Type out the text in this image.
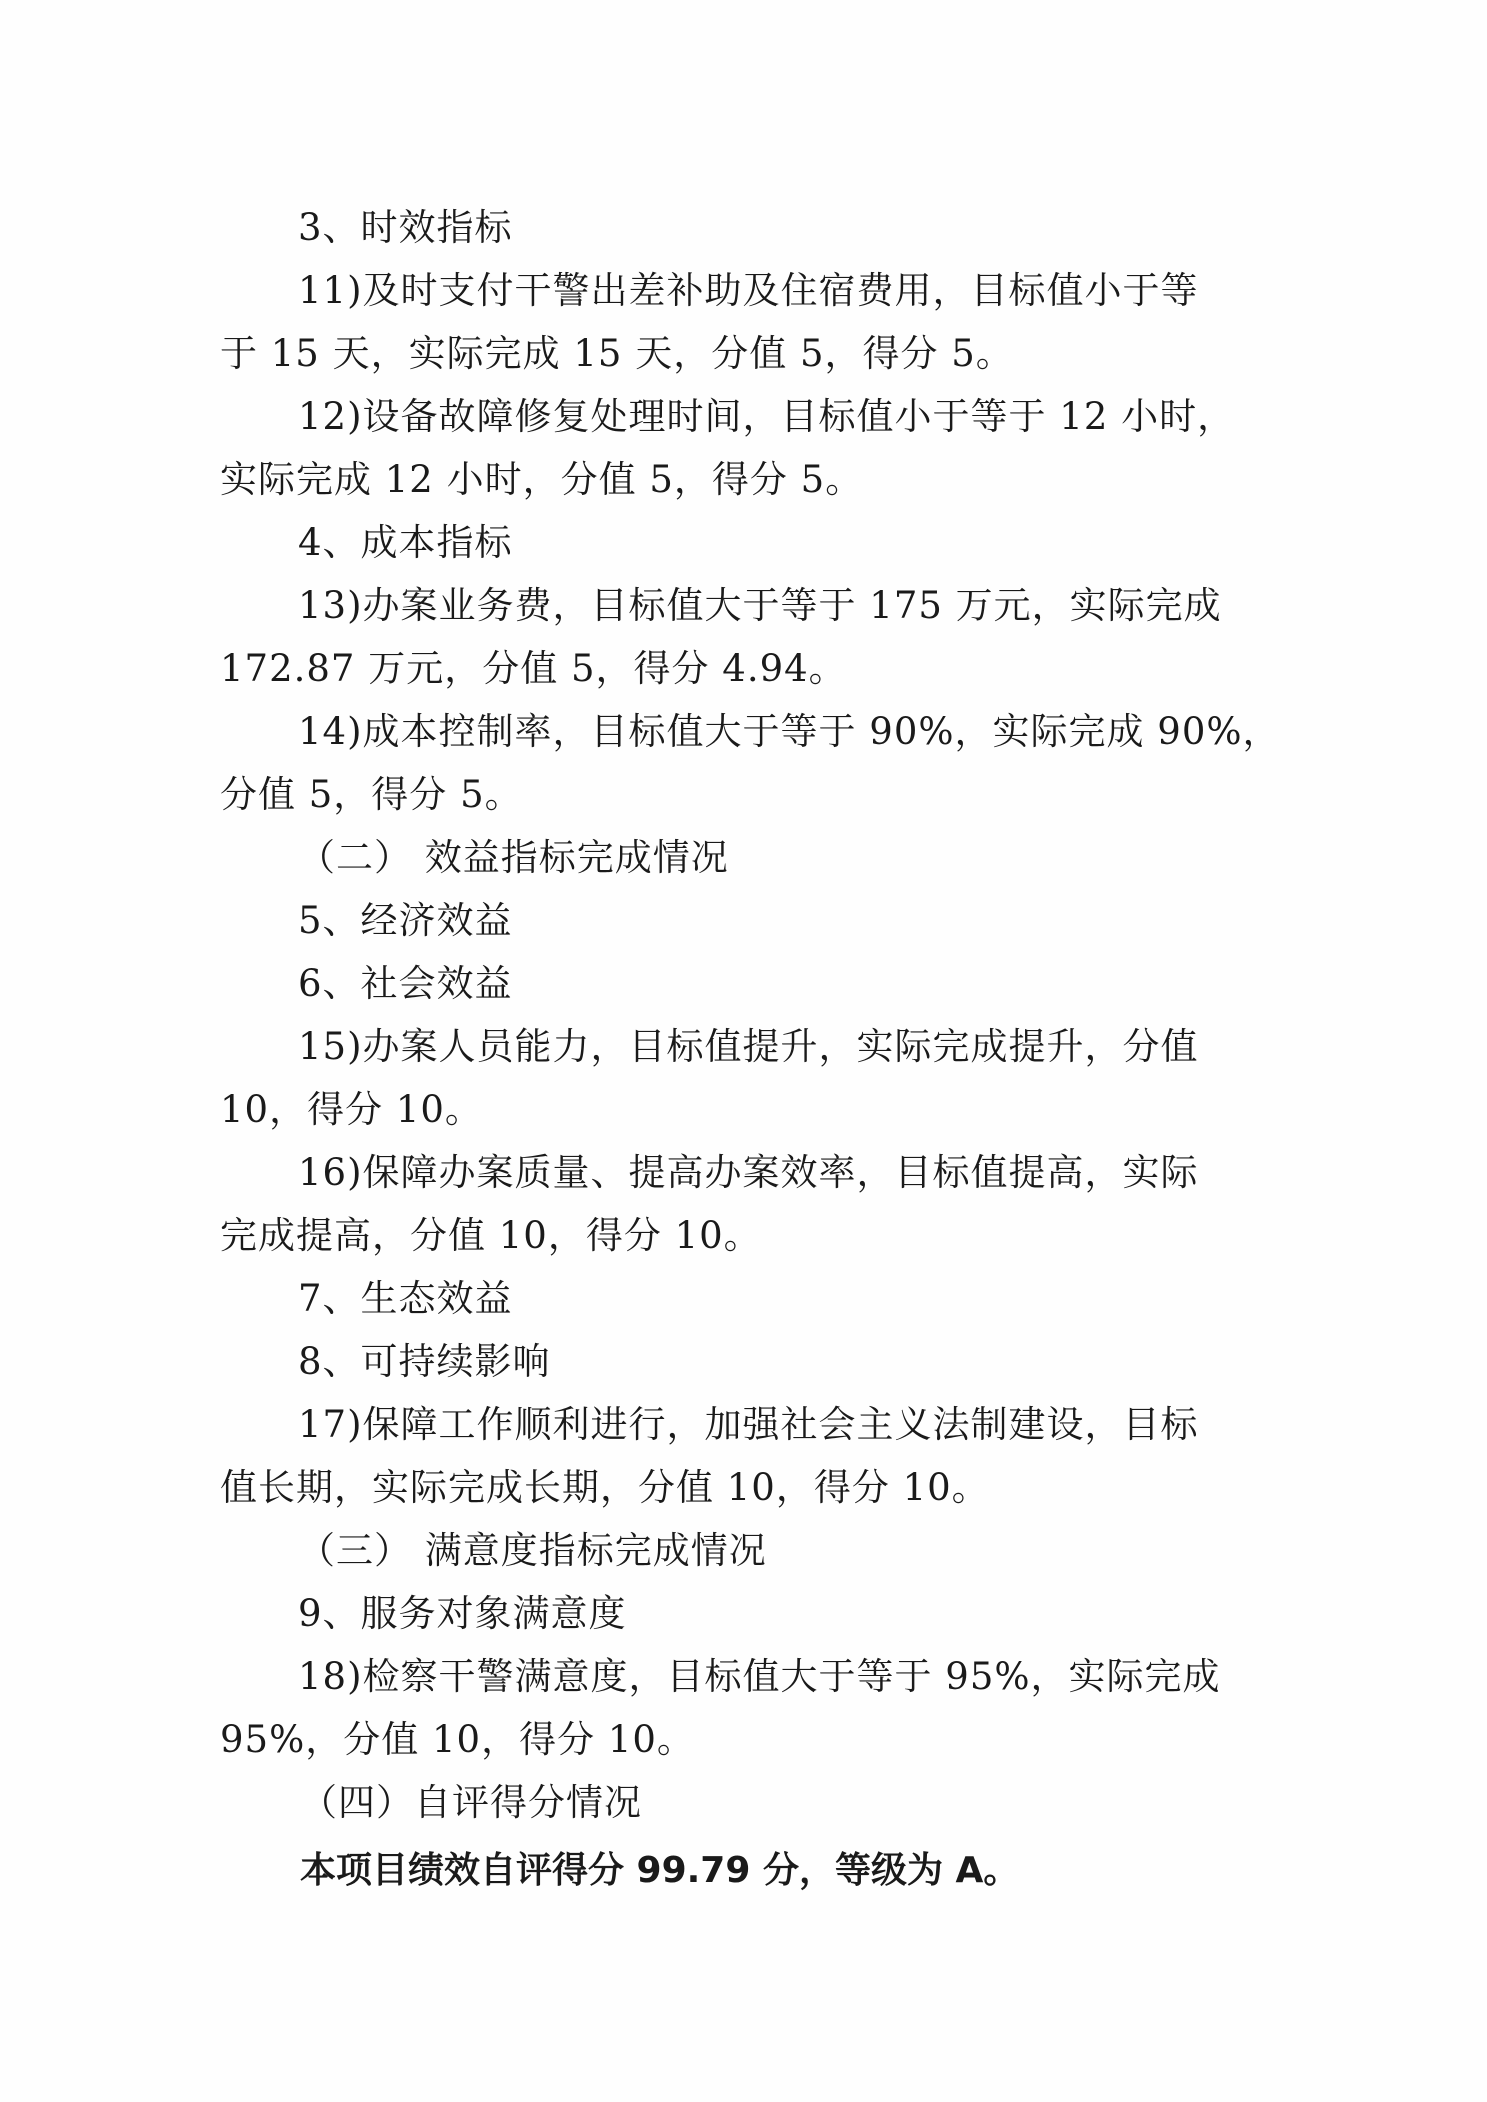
3、时效指标
11)及时支付干警出差补助及住宿费用，目标值小于等
于 15 天，实际完成 15 天，分值 5，得分 5。
12)设备故障修复处理时间，目标值小于等于 12 小时，
实际完成 12 小时，分值 5，得分 5。
4、成本指标
13)办案业务费，目标值大于等于 175 万元，实际完成
172.87 万元，分值 5，得分 4.94。
14)成本控制率，目标值大于等于 90%，实际完成 90%，
分值 5，得分 5。
（二） 效益指标完成情况
5、经济效益
6、社会效益
15)办案人员能力，目标值提升，实际完成提升，分值
10，得分 10。
16)保障办案质量、提高办案效率，目标值提高，实际
完成提高，分值 10，得分 10。
7、生态效益
8、可持续影响
17)保障工作顺利进行，加强社会主义法制建设，目标
值长期，实际完成长期，分值 10，得分 10。
（三） 满意度指标完成情况
9、服务对象满意度
18)检察干警满意度，目标值大于等于 95%，实际完成
95%，分值 10，得分 10。
（四）自评得分情况
本项目绩效自评得分 99.79 分，等级为 A。
